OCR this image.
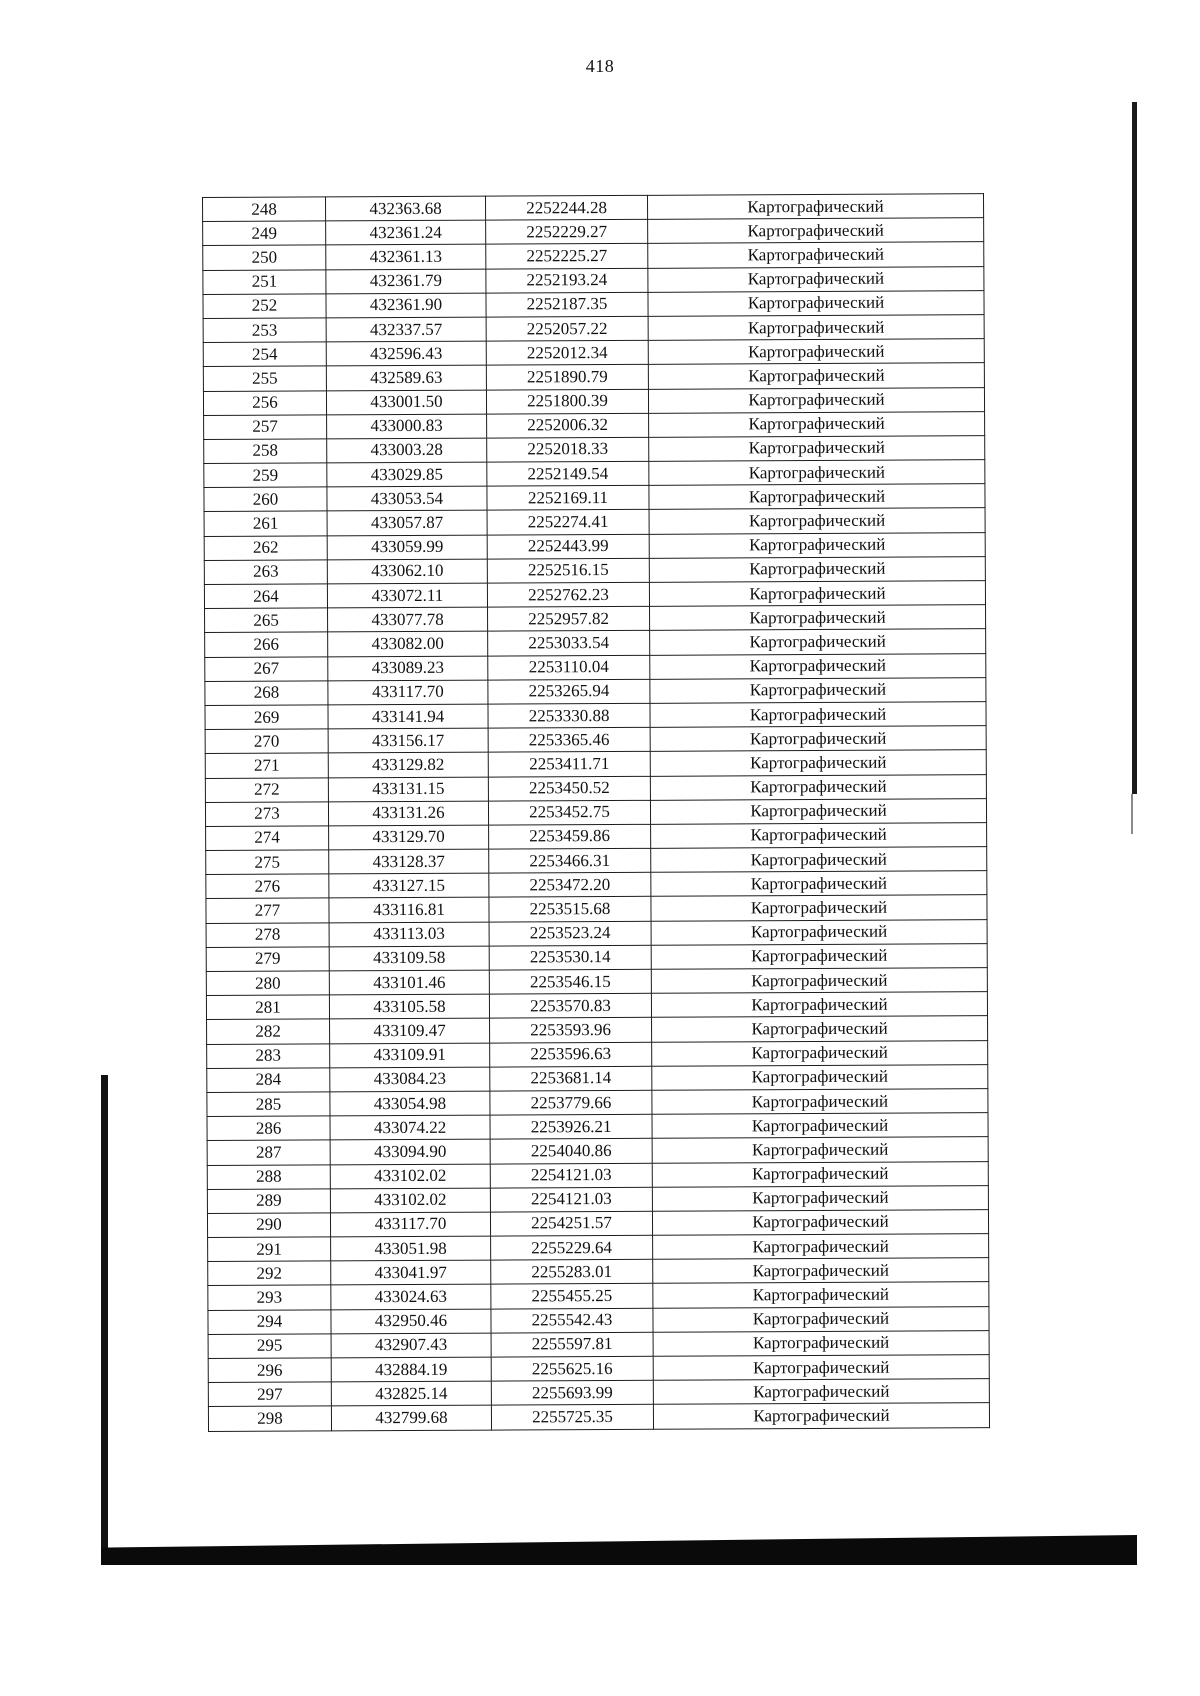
418
248	432363.68	2252244.28	Картографический
249	432361.24	2252229.27	Картографический
250	432361.13	2252225.27	Картографический
251	432361.79	2252193.24	Картографический
252	432361.90	2252187.35	Картографический
253	432337.57	2252057.22	Картографический
254	432596.43	2252012.34	Картографический
255	432589.63	2251890.79	Картографический
256	433001.50	2251800.39	Картографический
257	433000.83	2252006.32	Картографический
258	433003.28	2252018.33	Картографический
259	433029.85	2252149.54	Картографический
260	433053.54	2252169.11	Картографический
261	433057.87	2252274.41	Картографический
262	433059.99	2252443.99	Картографический
263	433062.10	2252516.15	Картографический
264	433072.11	2252762.23	Картографический
265	433077.78	2252957.82	Картографический
266	433082.00	2253033.54	Картографический
267	433089.23	2253110.04	Картографический
268	433117.70	2253265.94	Картографический
269	433141.94	2253330.88	Картографический
270	433156.17	2253365.46	Картографический
271	433129.82	2253411.71	Картографический
272	433131.15	2253450.52	Картографический
273	433131.26	2253452.75	Картографический
274	433129.70	2253459.86	Картографический
275	433128.37	2253466.31	Картографический
276	433127.15	2253472.20	Картографический
277	433116.81	2253515.68	Картографический
278	433113.03	2253523.24	Картографический
279	433109.58	2253530.14	Картографический
280	433101.46	2253546.15	Картографический
281	433105.58	2253570.83	Картографический
282	433109.47	2253593.96	Картографический
283	433109.91	2253596.63	Картографический
284	433084.23	2253681.14	Картографический
285	433054.98	2253779.66	Картографический
286	433074.22	2253926.21	Картографический
287	433094.90	2254040.86	Картографический
288	433102.02	2254121.03	Картографический
289	433102.02	2254121.03	Картографический
290	433117.70	2254251.57	Картографический
291	433051.98	2255229.64	Картографический
292	433041.97	2255283.01	Картографический
293	433024.63	2255455.25	Картографический
294	432950.46	2255542.43	Картографический
295	432907.43	2255597.81	Картографический
296	432884.19	2255625.16	Картографический
297	432825.14	2255693.99	Картографический
298	432799.68	2255725.35	Картографический
